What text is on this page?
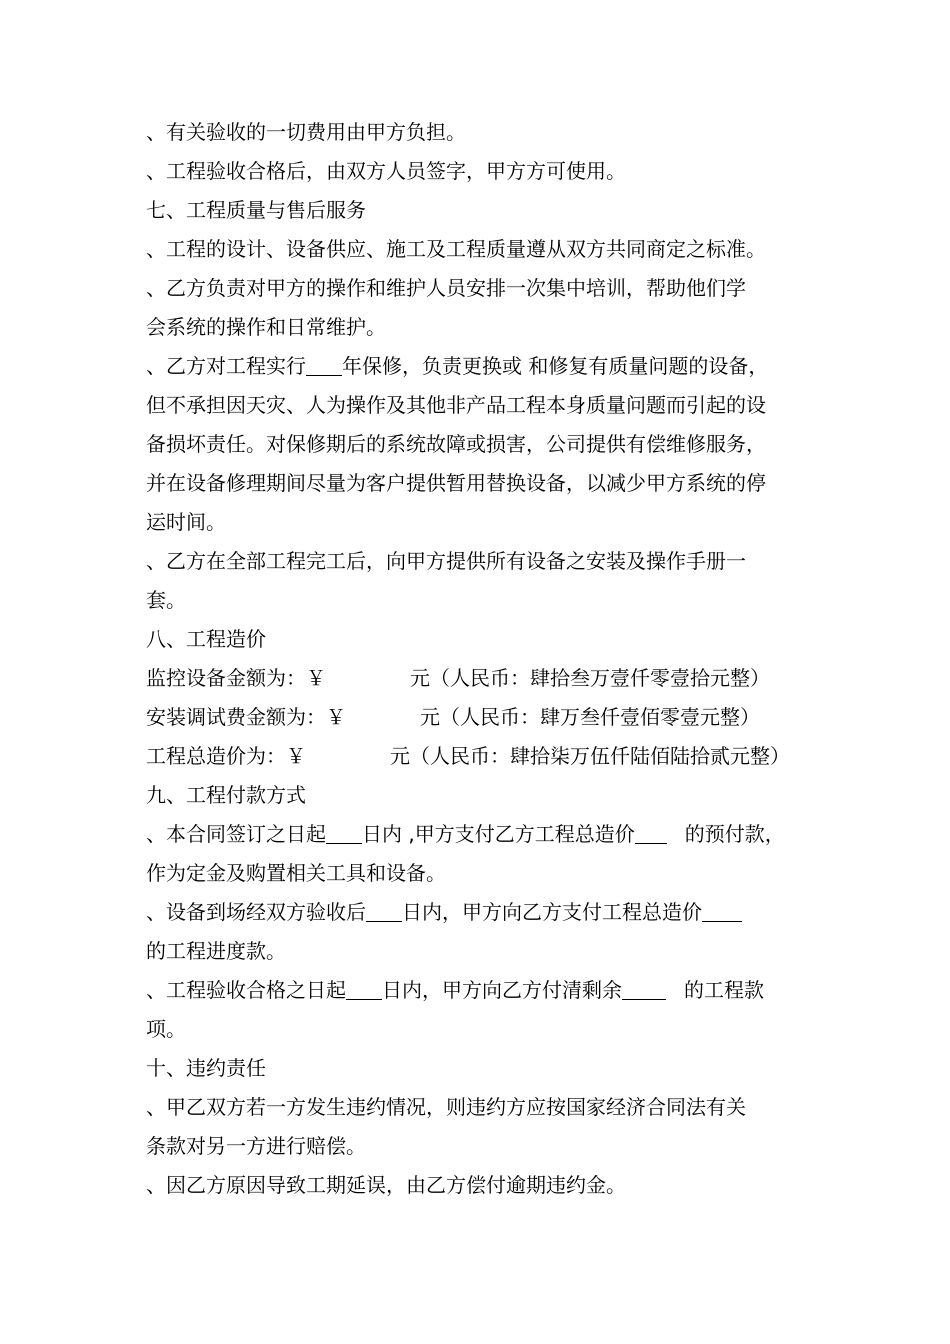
、有关验收的一切费用由甲方负担。
、工程验收合格后，由双方人员签字，甲方方可使用。
七、工程质量与售后服务
、工程的设计、设备供应、施工及工程质量遵从双方共同商定之标准。
、乙方负责对甲方的操作和维护人员安排一次集中培训，帮助他们学
会系统的操作和日常维护。
、乙方对工程实行 年保修，负责更换或 和修复有质量问题的设备，
但不承担因天灾、人为操作及其他非产品工程本身质量问题而引起的设
备损坏责任。对保修期后的系统故障或损害，公司提供有偿维修服务，
并在设备修理期间尽量为客户提供暂用替换设备，以减少甲方系统的停
运时间。
、乙方在全部工程完工后，向甲方提供所有设备之安装及操作手册一
套。
八、工程造价
监控设备金额为：￥	元（人民币：肆拾叁万壹仟零壹拾元整）
安装调试费金额为：￥	元（人民币：肆万叁仟壹佰零壹元整）
工程总造价为：￥	元（人民币：肆拾柒万伍仟陆佰陆拾贰元整）
九、工程付款方式
、本合同签订之日起 日内 ,甲方支付乙方工程总造价	的预付款，
作为定金及购置相关工具和设备。
、设备到场经双方验收后 日内，甲方向乙方支付工程总造价
的工程进度款。
、工程验收合格之日起 日内，甲方向乙方付清剩余	的工程款
项。
十、违约责任
、甲乙双方若一方发生违约情况，则违约方应按国家经济合同法有关
条款对另一方进行赔偿。
、因乙方原因导致工期延误，由乙方偿付逾期违约金。
